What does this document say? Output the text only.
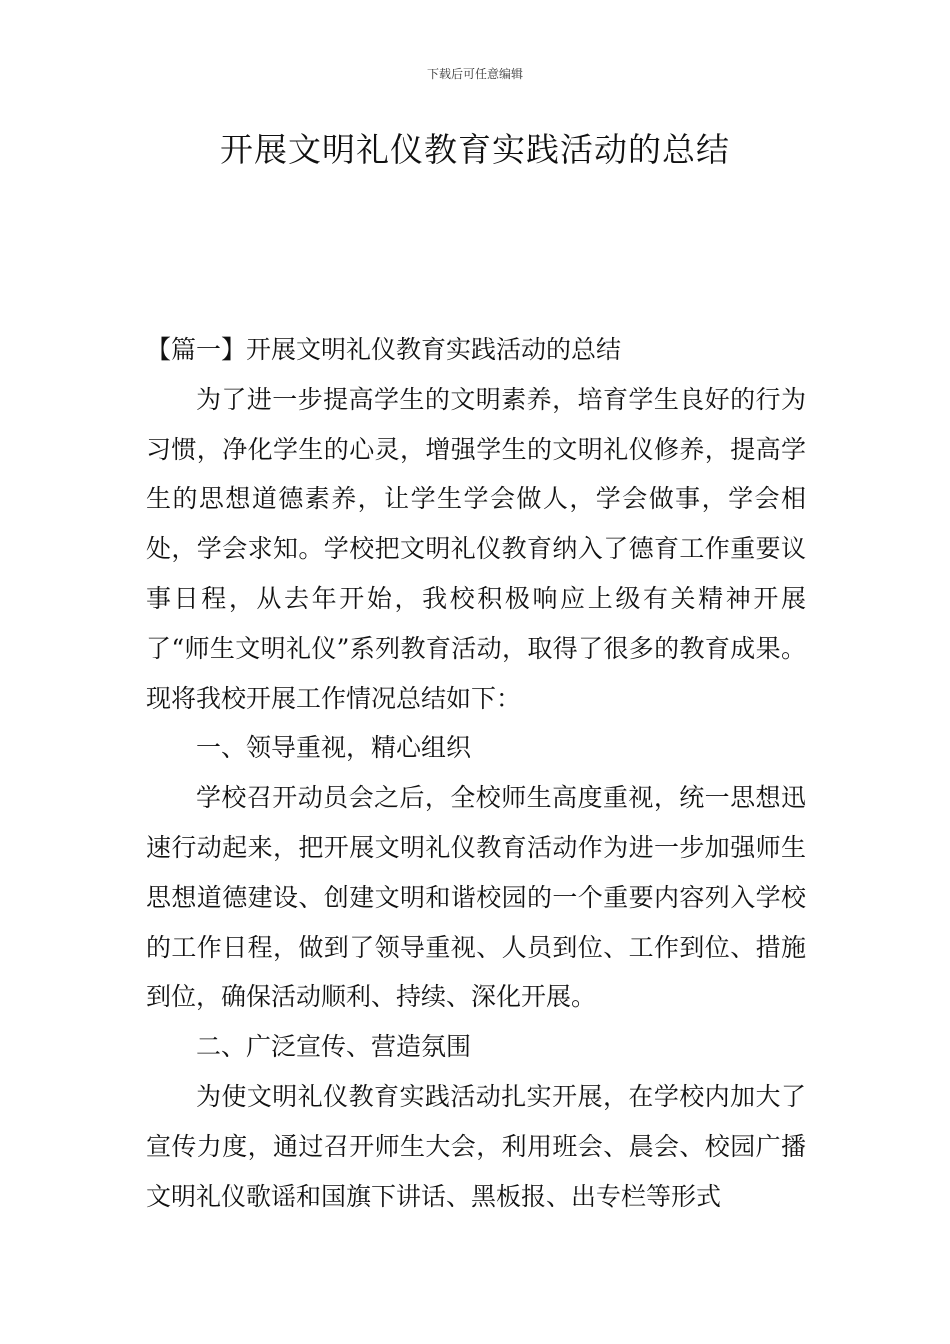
下载后可任意编辑
开展文明礼仪教育实践活动的总结

【篇一】开展文明礼仪教育实践活动的总结

为了进一步提高学生的文明素养，培育学生良好的行为习惯，净化学生的心灵，增强学生的文明礼仪修养，提高学生的思想道德素养，让学生学会做人，学会做事，学会相处，学会求知。学校把文明礼仪教育纳入了德育工作重要议事日程，从去年开始，我校积极响应上级有关精神开展了“师生文明礼仪”系列教育活动，取得了很多的教育成果。现将我校开展工作情况总结如下：

一、领导重视，精心组织

学校召开动员会之后，全校师生高度重视，统一思想迅速行动起来，把开展文明礼仪教育活动作为进一步加强师生思想道德建设、创建文明和谐校园的一个重要内容列入学校的工作日程，做到了领导重视、人员到位、工作到位、措施到位，确保活动顺利、持续、深化开展。

二、广泛宣传、营造氛围

为使文明礼仪教育实践活动扎实开展，在学校内加大了宣传力度，通过召开师生大会，利用班会、晨会、校园广播文明礼仪歌谣和国旗下讲话、黑板报、出专栏等形式
